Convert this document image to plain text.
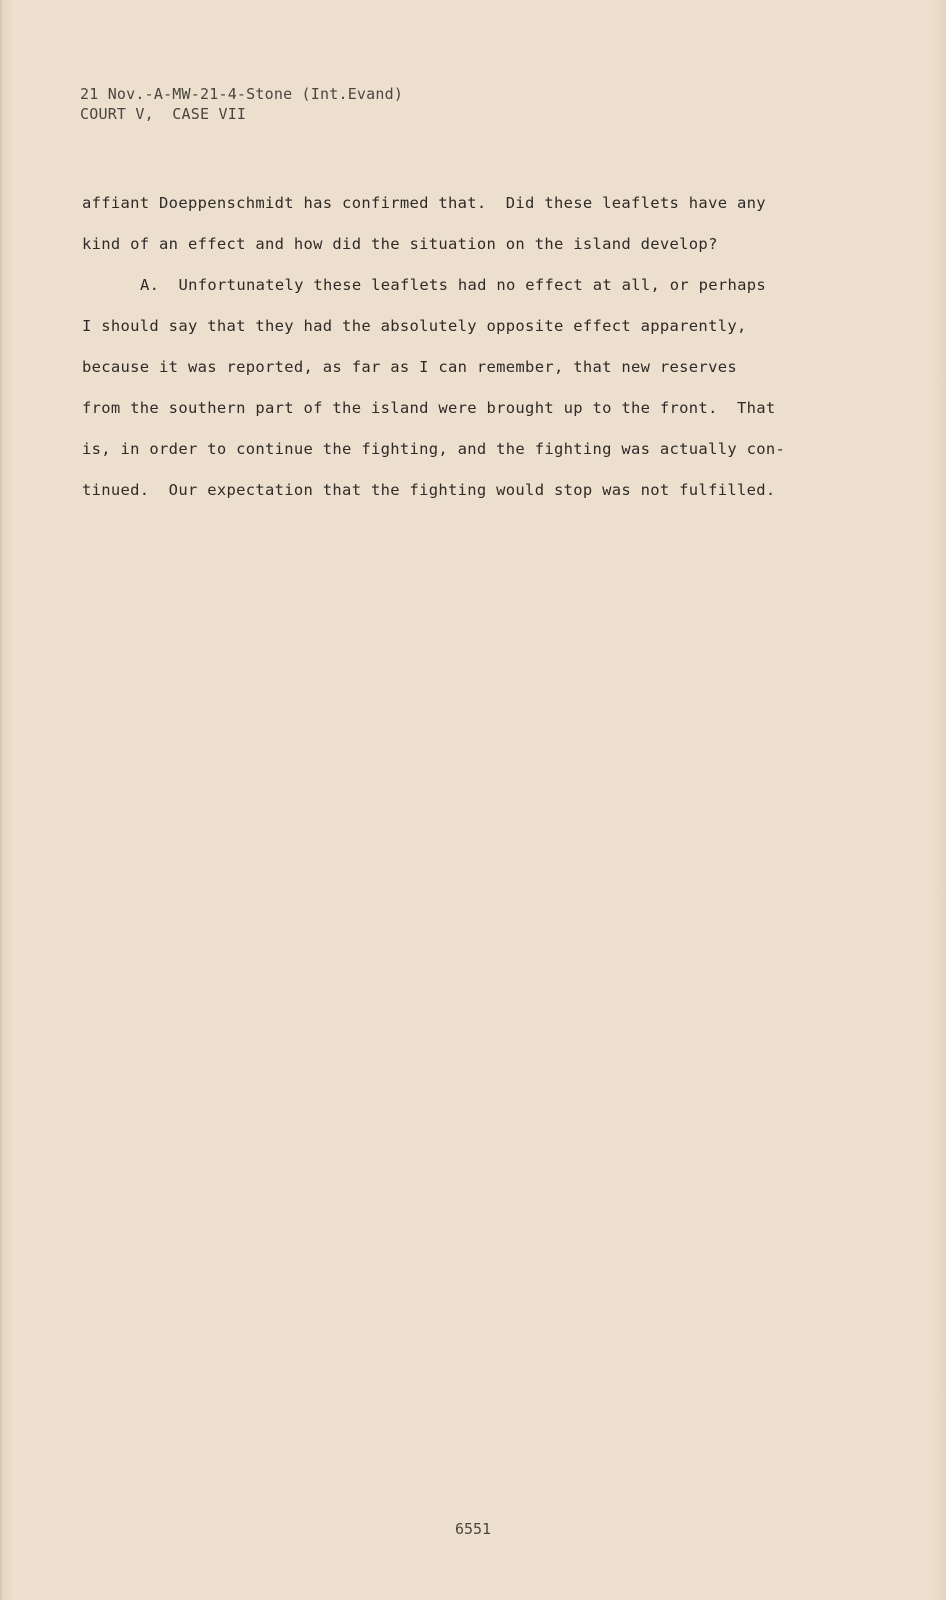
21 Nov.-A-MW-21-4-Stone (Int.Evand)
COURT V,  CASE VII
affiant Doeppenschmidt has confirmed that.  Did these leaflets have any
kind of an effect and how did the situation on the island develop?
A.  Unfortunately these leaflets had no effect at all, or perhaps
I should say that they had the absolutely opposite effect apparently,
because it was reported, as far as I can remember, that new reserves
from the southern part of the island were brought up to the front.  That
is, in order to continue the fighting, and the fighting was actually con-
tinued.  Our expectation that the fighting would stop was not fulfilled.
6551
